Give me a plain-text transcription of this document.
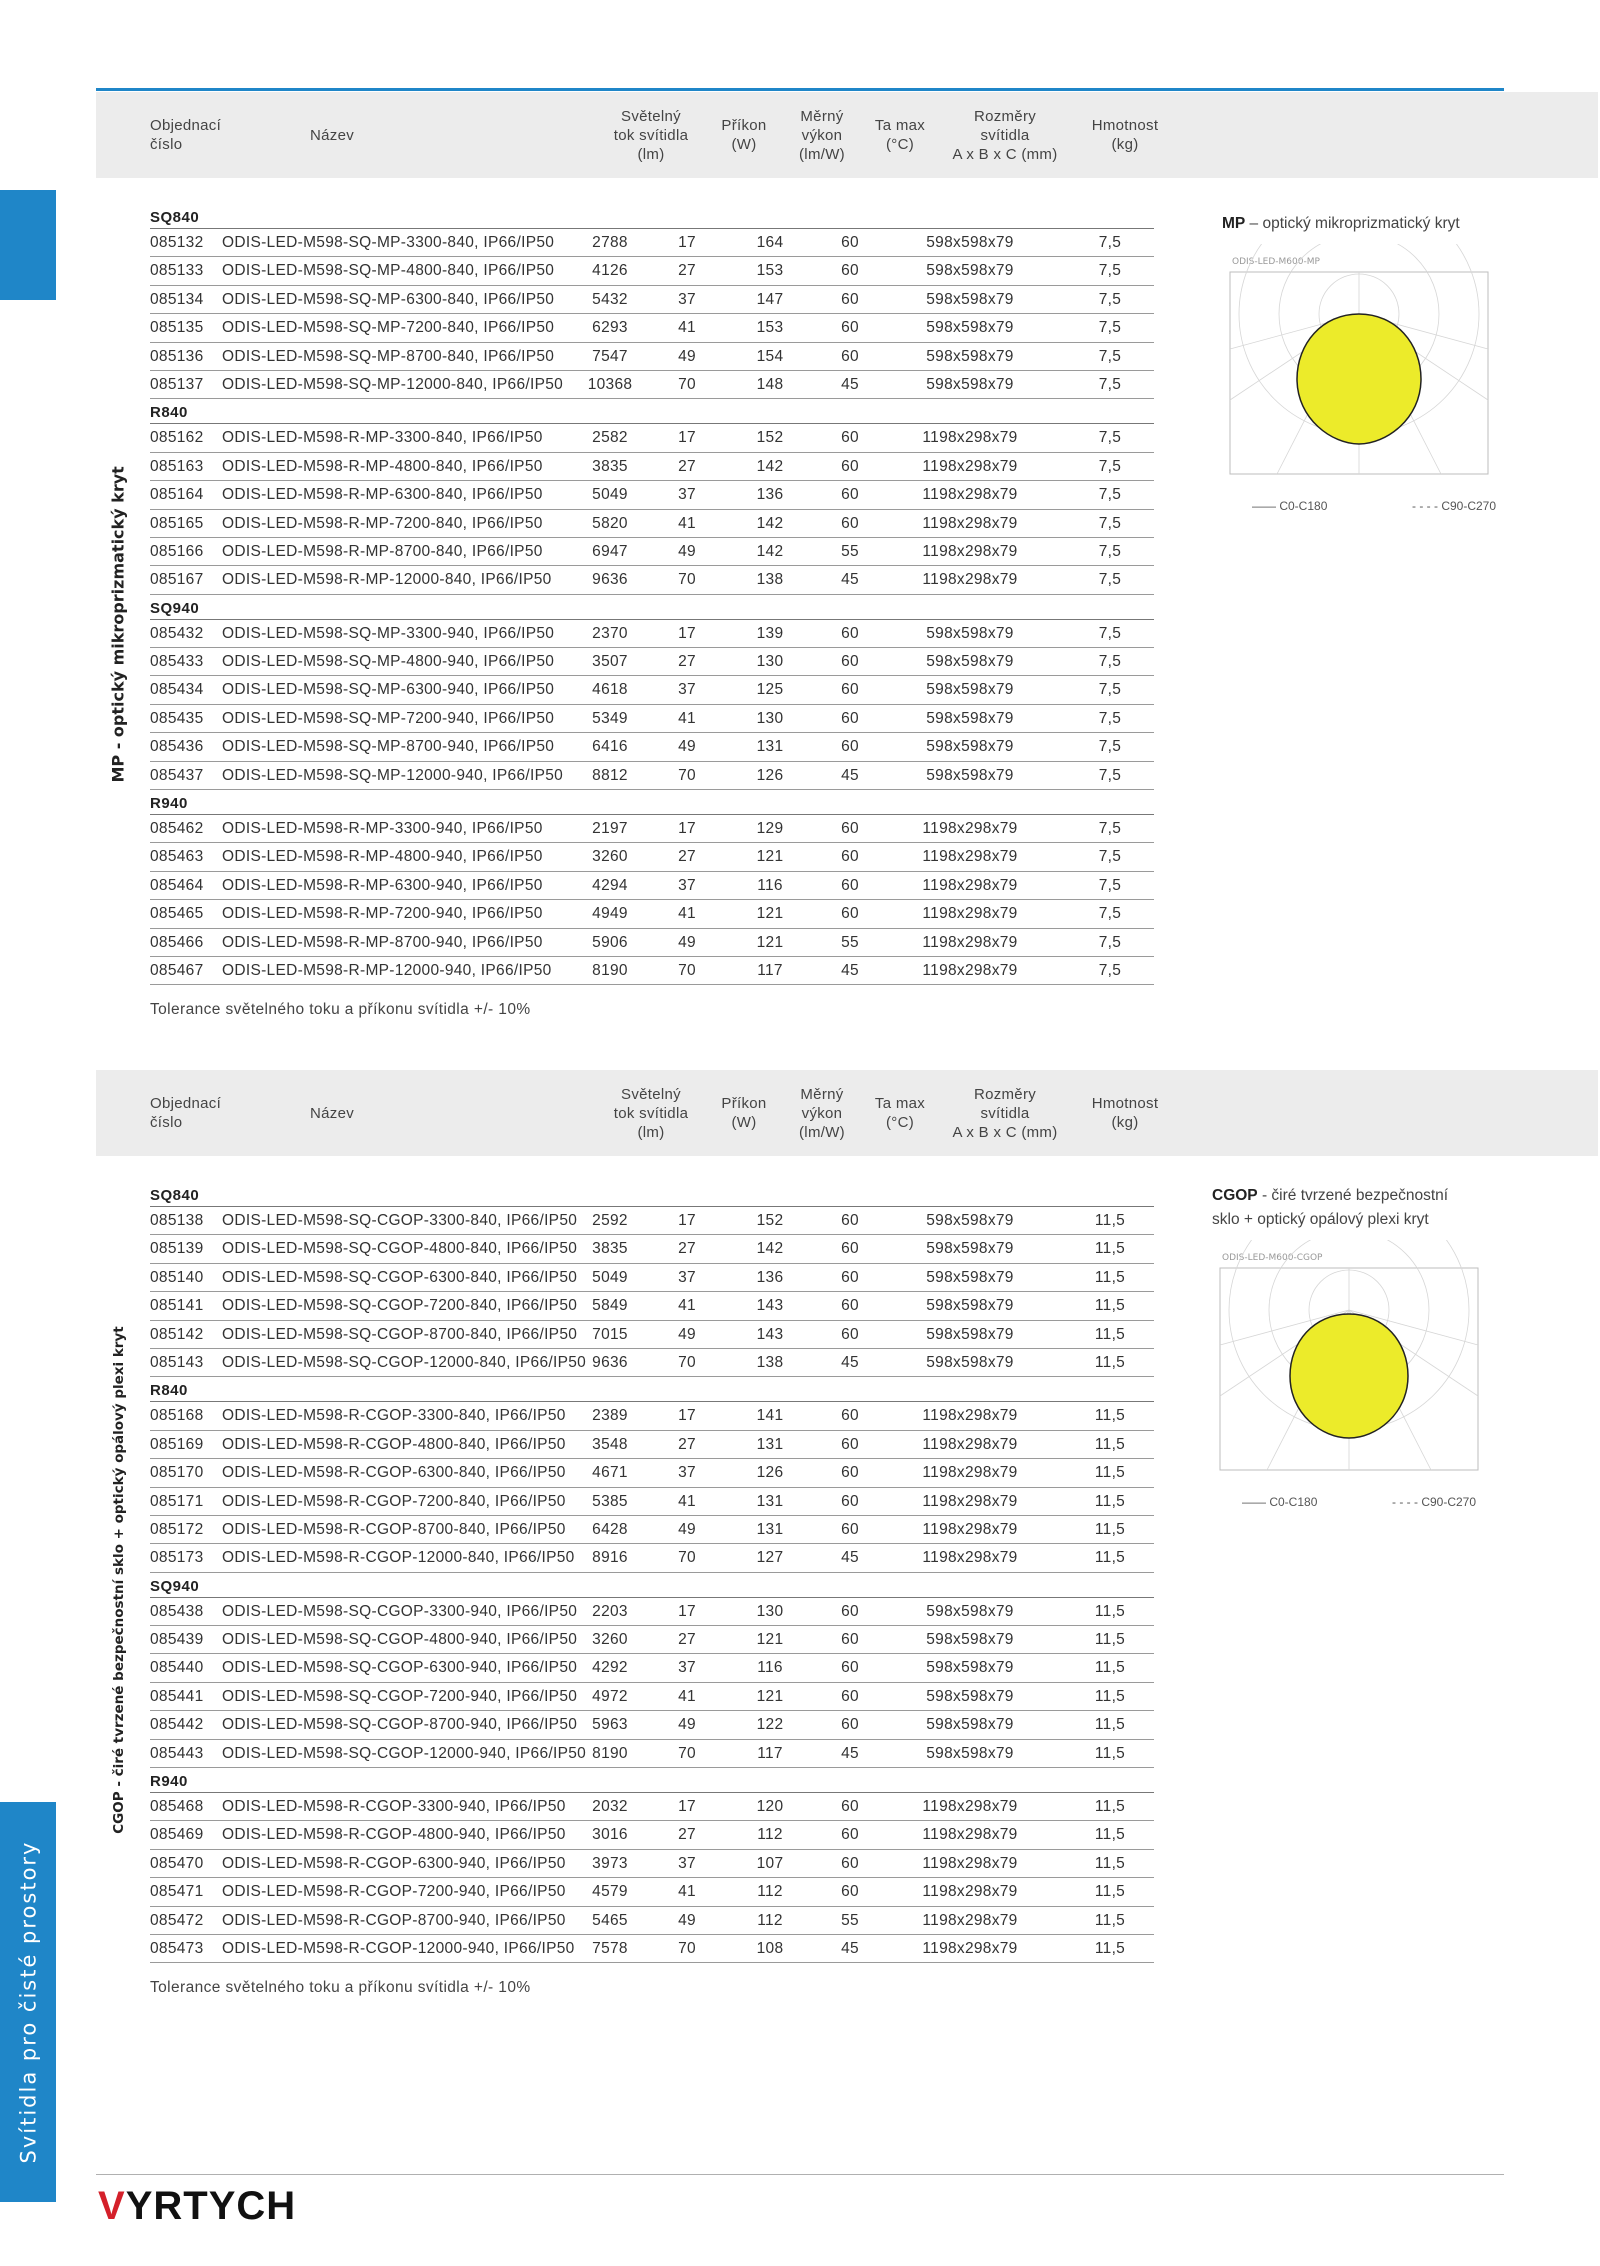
Svítidla pro čisté prostory
MP - optický mikroprizmatický kryt
CGOP - čiré tvrzené bezpečnostní sklo + optický opálový plexi kryt
Objednací
číslo
Název
Světelný
tok svítidla
(lm)
Příkon
(W)
Měrný
výkon
(lm/W)
Ta max
(°C)
Rozměry
svítidla
A x B x C (mm)
Hmotnost
(kg)
SQ840
085132 ODIS-LED-M598-SQ-MP-3300-840, IP66/IP50	2788	17	164	60	598x598x79	7,5
085133 ODIS-LED-M598-SQ-MP-4800-840, IP66/IP50	4126	27	153	60	598x598x79	7,5
085134 ODIS-LED-M598-SQ-MP-6300-840, IP66/IP50	5432	37	147	60	598x598x79	7,5
085135 ODIS-LED-M598-SQ-MP-7200-840, IP66/IP50	6293	41	153	60	598x598x79	7,5
085136 ODIS-LED-M598-SQ-MP-8700-840, IP66/IP50	7547	49	154	60	598x598x79	7,5
085137 ODIS-LED-M598-SQ-MP-12000-840, IP66/IP50	10368	70	148	45	598x598x79	7,5
R840
085162 ODIS-LED-M598-R-MP-3300-840, IP66/IP50	2582	17	152	60	1198x298x79	7,5
085163 ODIS-LED-M598-R-MP-4800-840, IP66/IP50	3835	27	142	60	1198x298x79	7,5
085164 ODIS-LED-M598-R-MP-6300-840, IP66/IP50	5049	37	136	60	1198x298x79	7,5
085165 ODIS-LED-M598-R-MP-7200-840, IP66/IP50	5820	41	142	60	1198x298x79	7,5
085166 ODIS-LED-M598-R-MP-8700-840, IP66/IP50	6947	49	142	55	1198x298x79	7,5
085167 ODIS-LED-M598-R-MP-12000-840, IP66/IP50	9636	70	138	45	1198x298x79	7,5
SQ940
085432 ODIS-LED-M598-SQ-MP-3300-940, IP66/IP50	2370	17	139	60	598x598x79	7,5
085433 ODIS-LED-M598-SQ-MP-4800-940, IP66/IP50	3507	27	130	60	598x598x79	7,5
085434 ODIS-LED-M598-SQ-MP-6300-940, IP66/IP50	4618	37	125	60	598x598x79	7,5
085435 ODIS-LED-M598-SQ-MP-7200-940, IP66/IP50	5349	41	130	60	598x598x79	7,5
085436 ODIS-LED-M598-SQ-MP-8700-940, IP66/IP50	6416	49	131	60	598x598x79	7,5
085437 ODIS-LED-M598-SQ-MP-12000-940, IP66/IP50	8812	70	126	45	598x598x79	7,5
R940
085462 ODIS-LED-M598-R-MP-3300-940, IP66/IP50	2197	17	129	60	1198x298x79	7,5
085463 ODIS-LED-M598-R-MP-4800-940, IP66/IP50	3260	27	121	60	1198x298x79	7,5
085464 ODIS-LED-M598-R-MP-6300-940, IP66/IP50	4294	37	116	60	1198x298x79	7,5
085465 ODIS-LED-M598-R-MP-7200-940, IP66/IP50	4949	41	121	60	1198x298x79	7,5
085466 ODIS-LED-M598-R-MP-8700-940, IP66/IP50	5906	49	121	55	1198x298x79	7,5
085467 ODIS-LED-M598-R-MP-12000-940, IP66/IP50	8190	70	117	45	1198x298x79	7,5
Tolerance světelného toku a příkonu svítidla +/- 10%
Objednací
číslo
Název
Světelný
tok svítidla
(lm)
Příkon
(W)
Měrný
výkon
(lm/W)
Ta max
(°C)
Rozměry
svítidla
A x B x C (mm)
Hmotnost
(kg)
SQ840
085138 ODIS-LED-M598-SQ-CGOP-3300-840, IP66/IP50 2592	17	152	60	598x598x79	11,5
085139 ODIS-LED-M598-SQ-CGOP-4800-840, IP66/IP50 3835	27	142	60	598x598x79	11,5
085140 ODIS-LED-M598-SQ-CGOP-6300-840, IP66/IP50 5049	37	136	60	598x598x79	11,5
085141 ODIS-LED-M598-SQ-CGOP-7200-840, IP66/IP50 5849	41	143	60	598x598x79	11,5
085142 ODIS-LED-M598-SQ-CGOP-8700-840, IP66/IP50 7015	49	143	60	598x598x79	11,5
085143 ODIS-LED-M598-SQ-CGOP-12000-840, IP66/IP50 9636	70	138	45	598x598x79	11,5
R840
085168 ODIS-LED-M598-R-CGOP-3300-840, IP66/IP50	2389	17	141	60	1198x298x79	11,5
085169 ODIS-LED-M598-R-CGOP-4800-840, IP66/IP50	3548	27	131	60	1198x298x79	11,5
085170 ODIS-LED-M598-R-CGOP-6300-840, IP66/IP50	4671	37	126	60	1198x298x79	11,5
085171 ODIS-LED-M598-R-CGOP-7200-840, IP66/IP50	5385	41	131	60	1198x298x79	11,5
085172 ODIS-LED-M598-R-CGOP-8700-840, IP66/IP50	6428	49	131	60	1198x298x79	11,5
085173 ODIS-LED-M598-R-CGOP-12000-840, IP66/IP50	8916	70	127	45	1198x298x79	11,5
SQ940
085438 ODIS-LED-M598-SQ-CGOP-3300-940, IP66/IP50 2203	17	130	60	598x598x79	11,5
085439 ODIS-LED-M598-SQ-CGOP-4800-940, IP66/IP50 3260	27	121	60	598x598x79	11,5
085440 ODIS-LED-M598-SQ-CGOP-6300-940, IP66/IP50 4292	37	116	60	598x598x79	11,5
085441 ODIS-LED-M598-SQ-CGOP-7200-940, IP66/IP50 4972	41	121	60	598x598x79	11,5
085442 ODIS-LED-M598-SQ-CGOP-8700-940, IP66/IP50 5963	49	122	60	598x598x79	11,5
085443 ODIS-LED-M598-SQ-CGOP-12000-940, IP66/IP50 8190	70	117	45	598x598x79	11,5
R940
085468 ODIS-LED-M598-R-CGOP-3300-940, IP66/IP50	2032	17	120	60	1198x298x79	11,5
085469 ODIS-LED-M598-R-CGOP-4800-940, IP66/IP50	3016	27	112	60	1198x298x79	11,5
085470 ODIS-LED-M598-R-CGOP-6300-940, IP66/IP50	3973	37	107	60	1198x298x79	11,5
085471 ODIS-LED-M598-R-CGOP-7200-940, IP66/IP50	4579	41	112	60	1198x298x79	11,5
085472 ODIS-LED-M598-R-CGOP-8700-940, IP66/IP50	5465	49	112	55	1198x298x79	11,5
085473 ODIS-LED-M598-R-CGOP-12000-940, IP66/IP50	7578	70	108	45	1198x298x79	11,5
Tolerance světelného toku a příkonu svítidla +/- 10%
MP – optický mikroprizmatický kryt
ODIS-LED-M600-MP
—— C0-C180	- - - - C90-C270
CGOP - čiré tvrzené bezpečnostní
sklo + optický opálový plexi kryt
ODIS-LED-M600-CGOP
—— C0-C180	- - - - C90-C270
VYRTYCH
